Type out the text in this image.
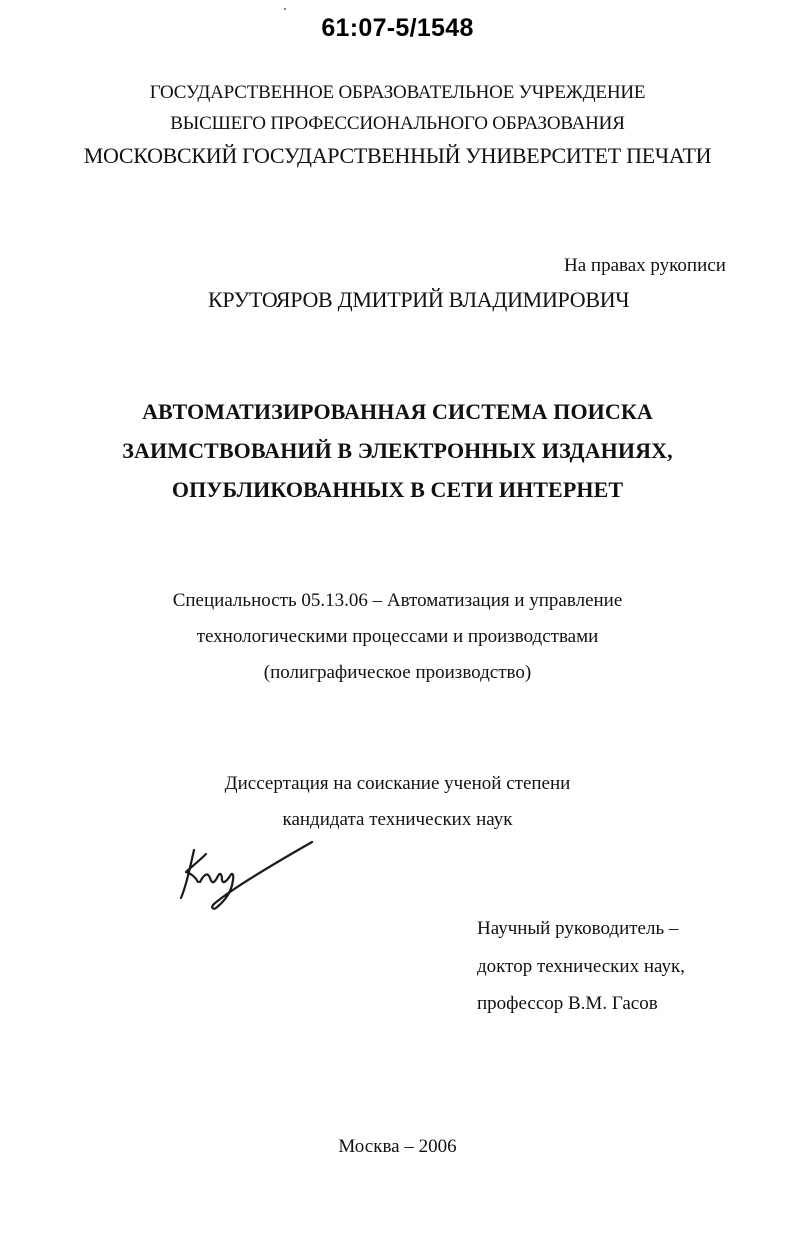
61:07-5/1548
ГОСУДАРСТВЕННОЕ ОБРАЗОВАТЕЛЬНОЕ УЧРЕЖДЕНИЕ
ВЫСШЕГО ПРОФЕССИОНАЛЬНОГО ОБРАЗОВАНИЯ
МОСКОВСКИЙ ГОСУДАРСТВЕННЫЙ УНИВЕРСИТЕТ ПЕЧАТИ
На правах рукописи
КРУТОЯРОВ ДМИТРИЙ ВЛАДИМИРОВИЧ
АВТОМАТИЗИРОВАННАЯ СИСТЕМА ПОИСКА
ЗАИМСТВОВАНИЙ В ЭЛЕКТРОННЫХ ИЗДАНИЯХ,
ОПУБЛИКОВАННЫХ В СЕТИ ИНТЕРНЕТ
Специальность 05.13.06 – Автоматизация и управление
технологическими процессами и производствами
(полиграфическое производство)
Диссертация на соискание ученой степени
кандидата технических наук
Научный руководитель –
доктор технических наук,
профессор В.М. Гасов
Москва – 2006
